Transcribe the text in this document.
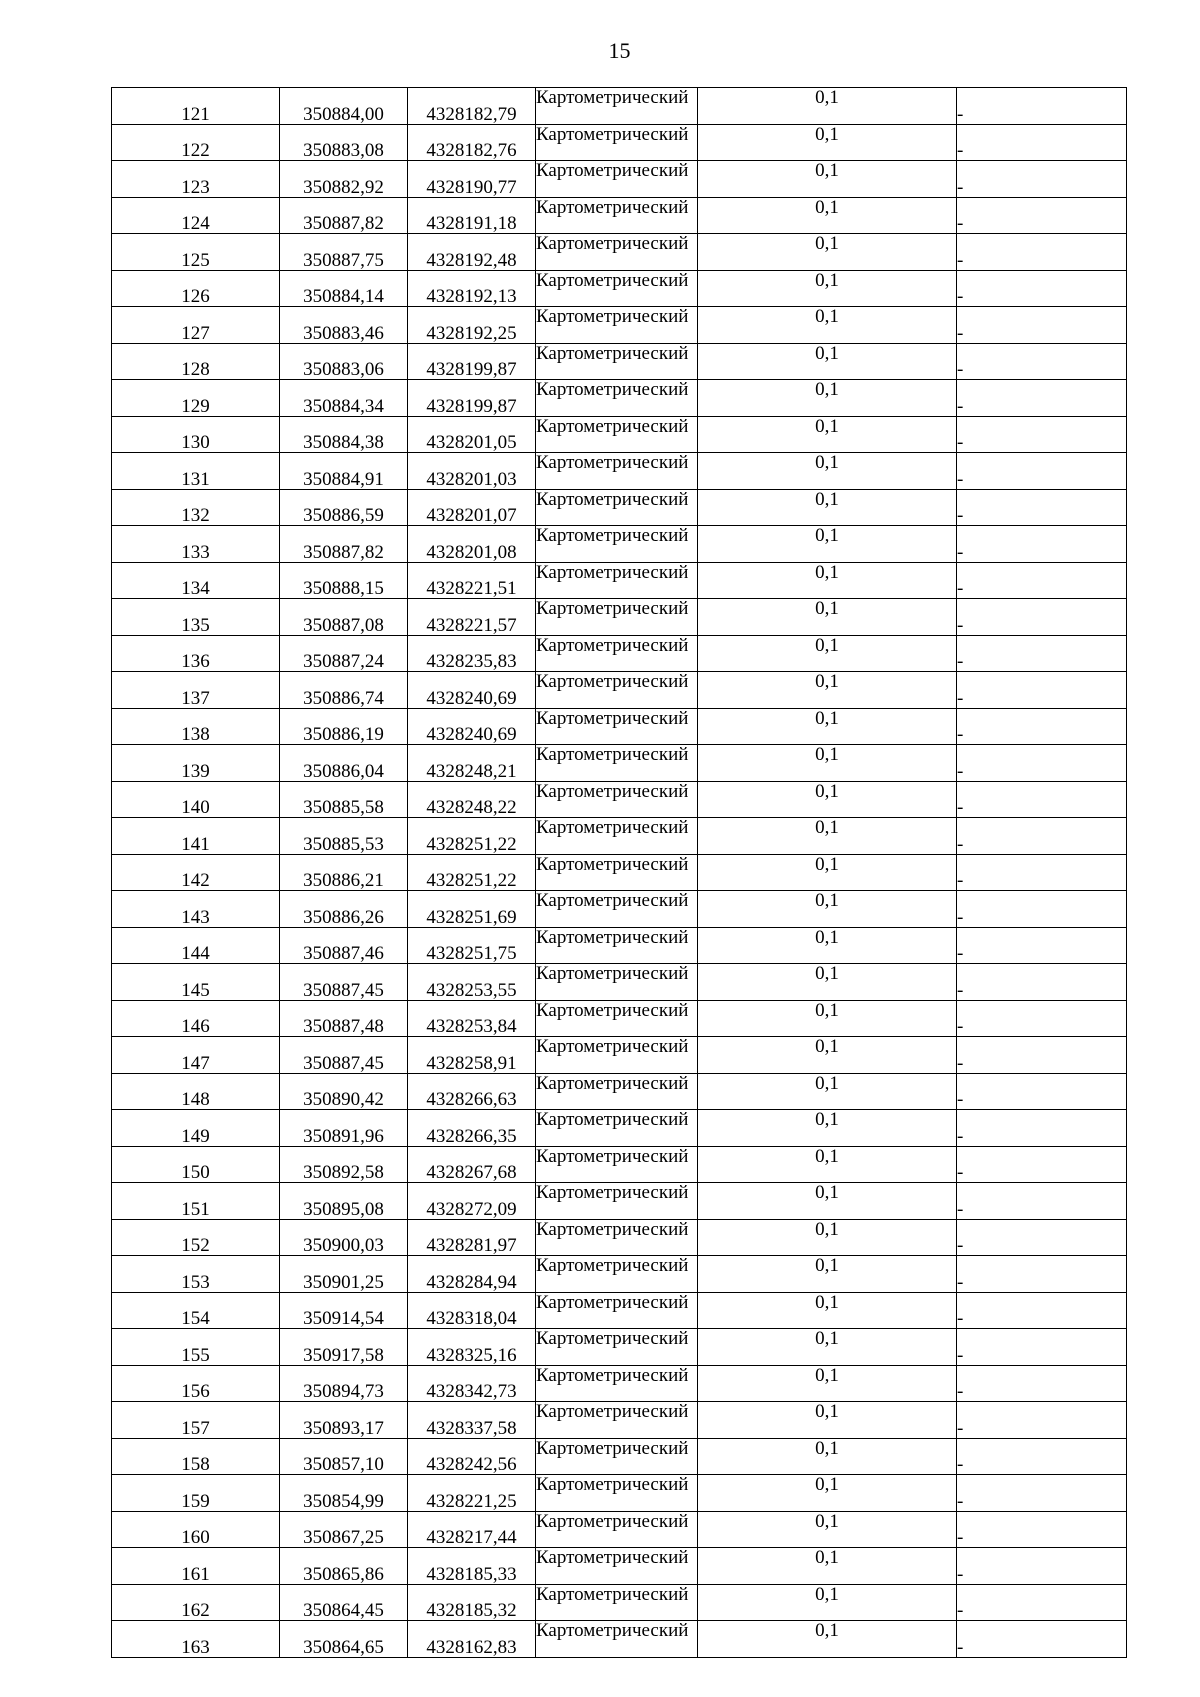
15
121	350884,00	4328182,79	Картометрический	0,1	-
122	350883,08	4328182,76	Картометрический	0,1	-
123	350882,92	4328190,77	Картометрический	0,1	-
124	350887,82	4328191,18	Картометрический	0,1	-
125	350887,75	4328192,48	Картометрический	0,1	-
126	350884,14	4328192,13	Картометрический	0,1	-
127	350883,46	4328192,25	Картометрический	0,1	-
128	350883,06	4328199,87	Картометрический	0,1	-
129	350884,34	4328199,87	Картометрический	0,1	-
130	350884,38	4328201,05	Картометрический	0,1	-
131	350884,91	4328201,03	Картометрический	0,1	-
132	350886,59	4328201,07	Картометрический	0,1	-
133	350887,82	4328201,08	Картометрический	0,1	-
134	350888,15	4328221,51	Картометрический	0,1	-
135	350887,08	4328221,57	Картометрический	0,1	-
136	350887,24	4328235,83	Картометрический	0,1	-
137	350886,74	4328240,69	Картометрический	0,1	-
138	350886,19	4328240,69	Картометрический	0,1	-
139	350886,04	4328248,21	Картометрический	0,1	-
140	350885,58	4328248,22	Картометрический	0,1	-
141	350885,53	4328251,22	Картометрический	0,1	-
142	350886,21	4328251,22	Картометрический	0,1	-
143	350886,26	4328251,69	Картометрический	0,1	-
144	350887,46	4328251,75	Картометрический	0,1	-
145	350887,45	4328253,55	Картометрический	0,1	-
146	350887,48	4328253,84	Картометрический	0,1	-
147	350887,45	4328258,91	Картометрический	0,1	-
148	350890,42	4328266,63	Картометрический	0,1	-
149	350891,96	4328266,35	Картометрический	0,1	-
150	350892,58	4328267,68	Картометрический	0,1	-
151	350895,08	4328272,09	Картометрический	0,1	-
152	350900,03	4328281,97	Картометрический	0,1	-
153	350901,25	4328284,94	Картометрический	0,1	-
154	350914,54	4328318,04	Картометрический	0,1	-
155	350917,58	4328325,16	Картометрический	0,1	-
156	350894,73	4328342,73	Картометрический	0,1	-
157	350893,17	4328337,58	Картометрический	0,1	-
158	350857,10	4328242,56	Картометрический	0,1	-
159	350854,99	4328221,25	Картометрический	0,1	-
160	350867,25	4328217,44	Картометрический	0,1	-
161	350865,86	4328185,33	Картометрический	0,1	-
162	350864,45	4328185,32	Картометрический	0,1	-
163	350864,65	4328162,83	Картометрический	0,1	-
